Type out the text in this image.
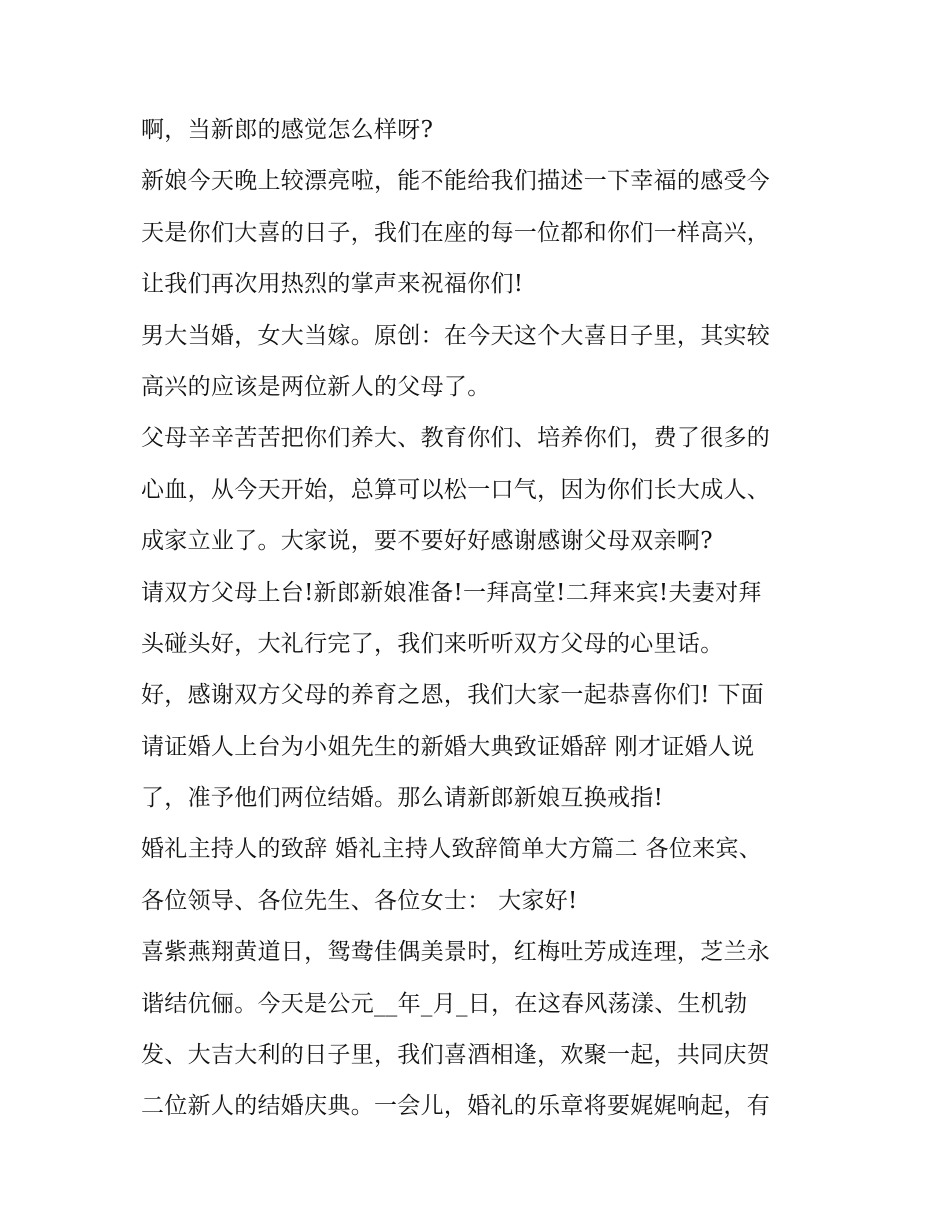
啊，当新郎的感觉怎么样呀?
新娘今天晚上较漂亮啦，能不能给我们描述一下幸福的感受今
天是你们大喜的日子，我们在座的每一位都和你们一样高兴，
让我们再次用热烈的掌声来祝福你们!
男大当婚，女大当嫁。原创：在今天这个大喜日子里，其实较
高兴的应该是两位新人的父母了。
父母辛辛苦苦把你们养大、教育你们、培养你们，费了很多的
心血，从今天开始，总算可以松一口气，因为你们长大成人、
成家立业了。大家说，要不要好好感谢感谢父母双亲啊?
请双方父母上台!新郎新娘准备!一拜高堂!二拜来宾!夫妻对拜
头碰头好，大礼行完了，我们来听听双方父母的心里话。
好，感谢双方父母的养育之恩，我们大家一起恭喜你们! 下面
请证婚人上台为小姐先生的新婚大典致证婚辞 刚才证婚人说
了，准予他们两位结婚。那么请新郎新娘互换戒指!
婚礼主持人的致辞 婚礼主持人致辞简单大方篇二 各位来宾、
各位领导、各位先生、各位女士： 大家好!
喜紫燕翔黄道日，鸳鸯佳偶美景时，红梅吐芳成连理，芝兰永
谐结伉俪。今天是公元__年_月_日，在这春风荡漾、生机勃
发、大吉大利的日子里，我们喜酒相逢，欢聚一起，共同庆贺
二位新人的结婚庆典。一会儿，婚礼的乐章将要娓娓响起，有
